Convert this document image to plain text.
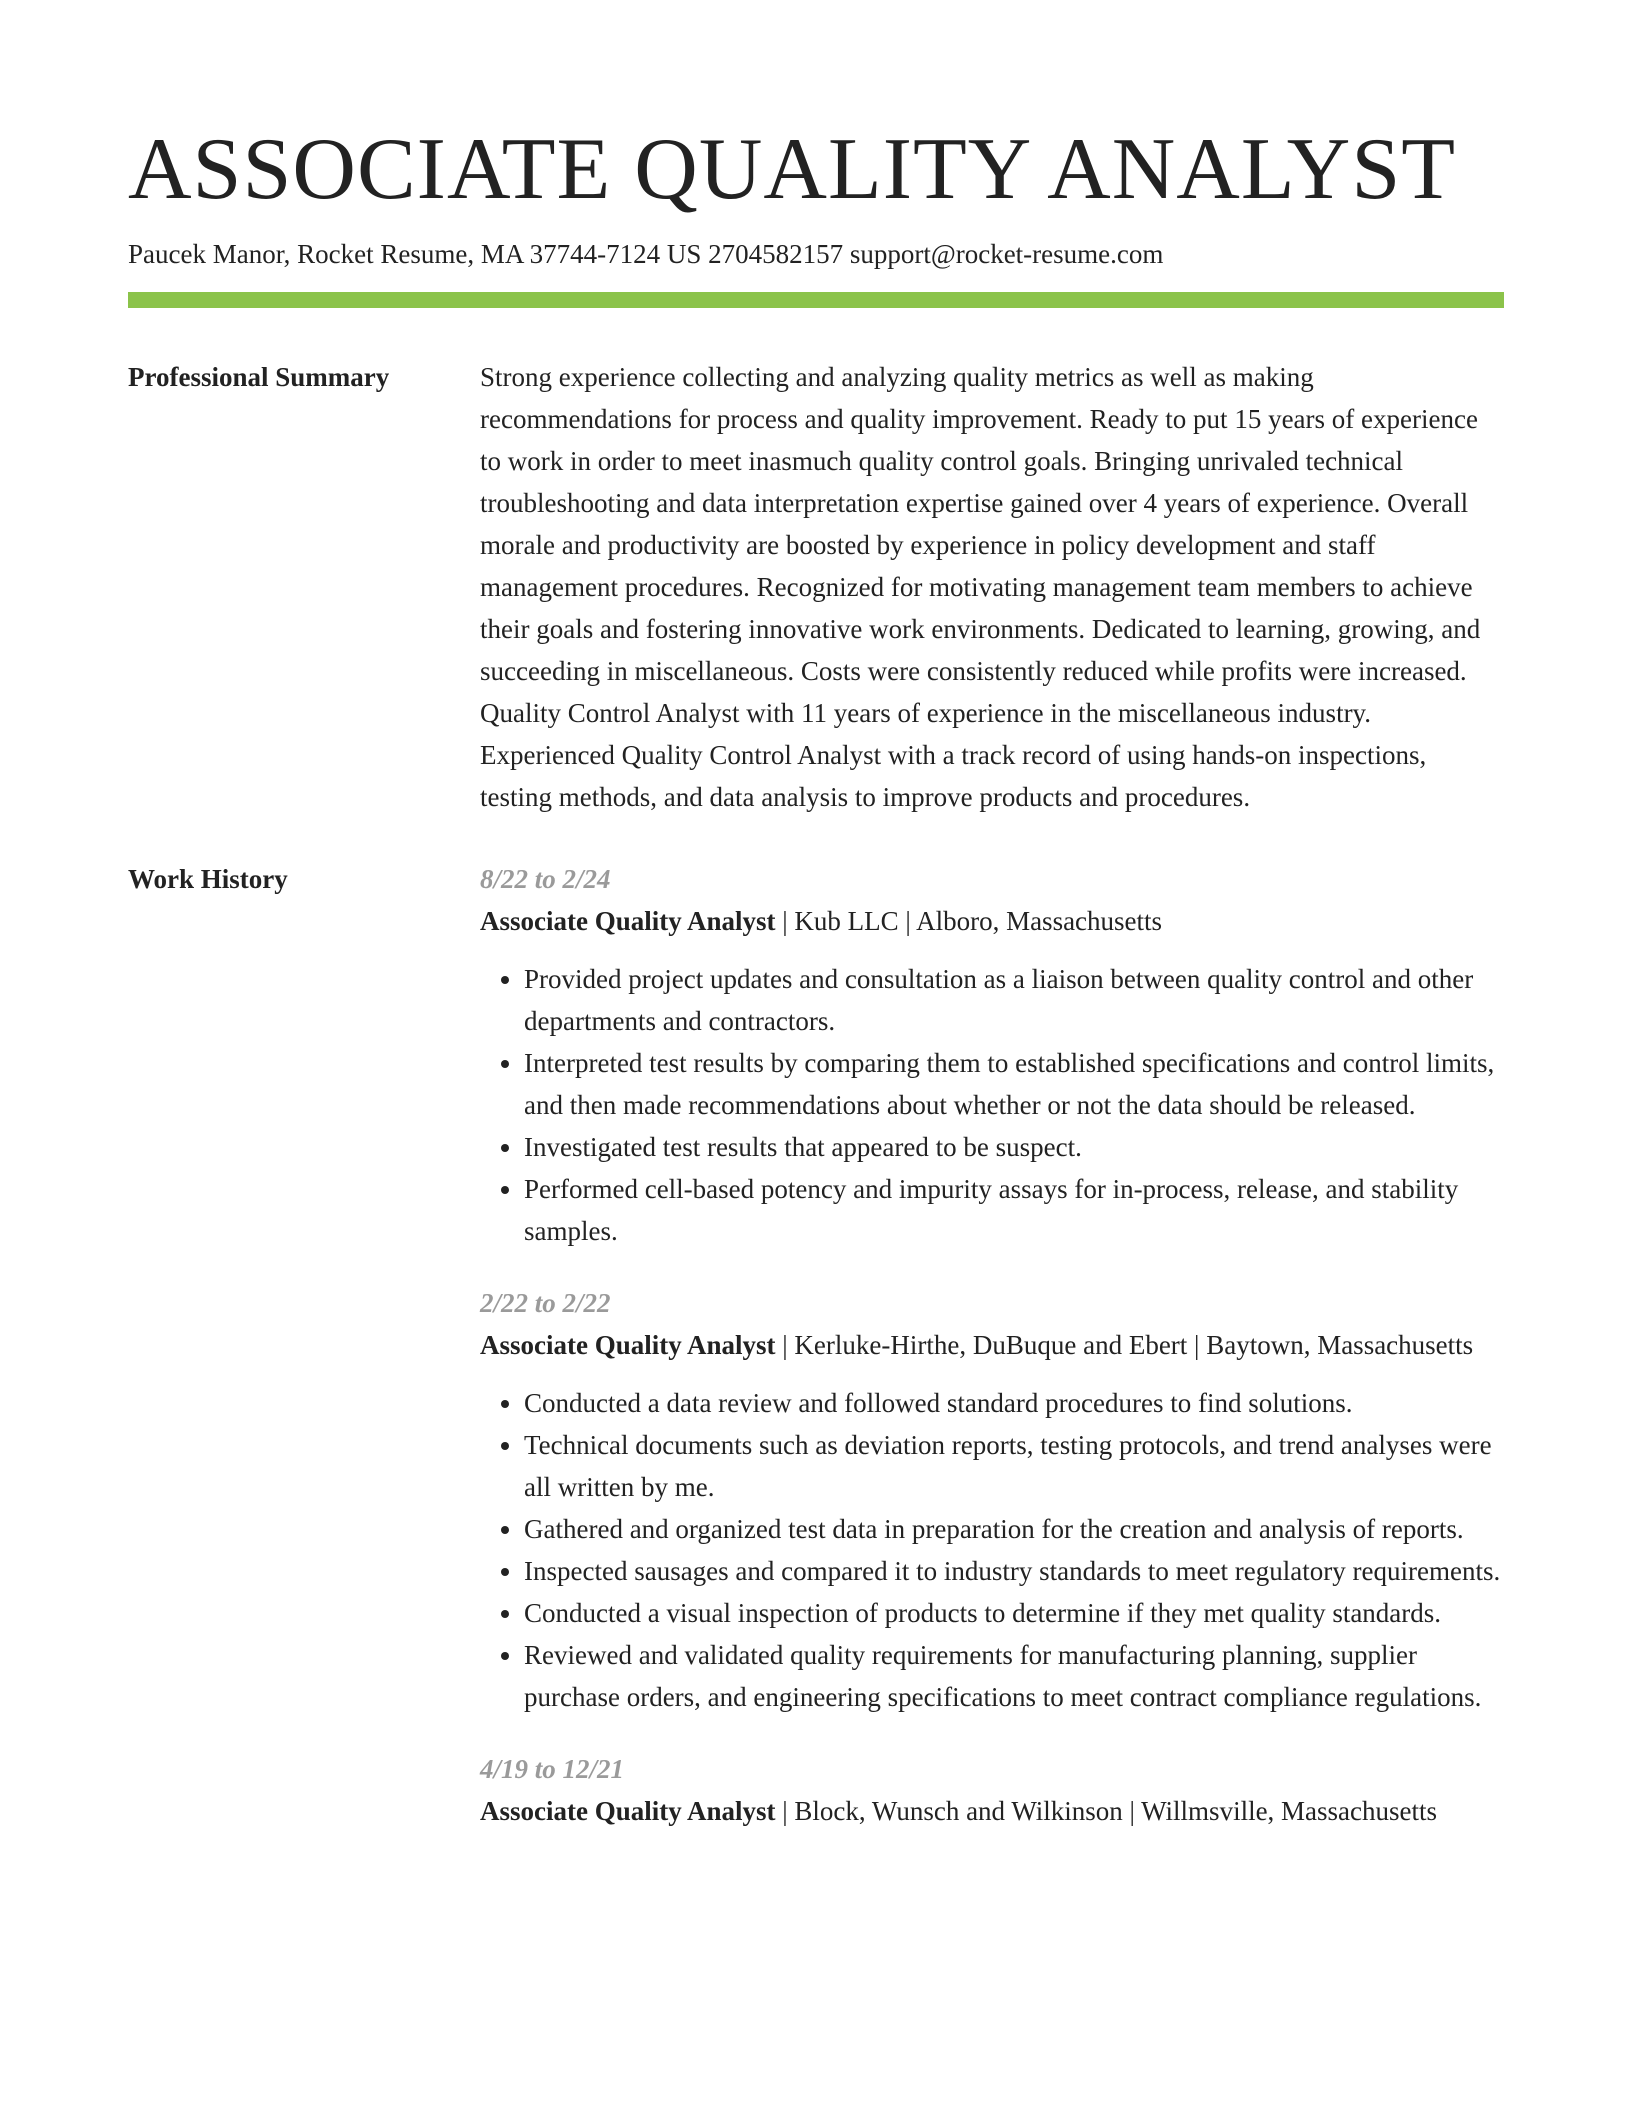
ASSOCIATE QUALITY ANALYST
Paucek Manor, Rocket Resume, MA 37744-7124 US 2704582157 support@rocket-resume.com
Professional Summary	Strong experience collecting and analyzing quality metrics as well as making recommendations for process and quality improvement. Ready to put 15 years of experience to work in order to meet inasmuch quality control goals. Bringing unrivaled technical troubleshooting and data interpretation expertise gained over 4 years of experience. Overall morale and productivity are boosted by experience in policy development and staff management procedures. Recognized for motivating management team members to achieve their goals and fostering innovative work environments. Dedicated to learning, growing, and succeeding in miscellaneous. Costs were consistently reduced while profits were increased. Quality Control Analyst with 11 years of experience in the miscellaneous industry. Experienced Quality Control Analyst with a track record of using hands-on inspections, testing methods, and data analysis to improve products and procedures.

Work History	8/22 to 2/24
Associate Quality Analyst | Kub LLC | Alboro, Massachusetts
• Provided project updates and consultation as a liaison between quality control and other departments and contractors.
• Interpreted test results by comparing them to established specifications and control limits, and then made recommendations about whether or not the data should be released.
• Investigated test results that appeared to be suspect.
• Performed cell-based potency and impurity assays for in-process, release, and stability samples.
2/22 to 2/22
Associate Quality Analyst | Kerluke-Hirthe, DuBuque and Ebert | Baytown, Massachusetts
• Conducted a data review and followed standard procedures to find solutions.
• Technical documents such as deviation reports, testing protocols, and trend analyses were all written by me.
• Gathered and organized test data in preparation for the creation and analysis of reports.
• Inspected sausages and compared it to industry standards to meet regulatory requirements.
• Conducted a visual inspection of products to determine if they met quality standards.
• Reviewed and validated quality requirements for manufacturing planning, supplier purchase orders, and engineering specifications to meet contract compliance regulations.
4/19 to 12/21
Associate Quality Analyst | Block, Wunsch and Wilkinson | Willmsville, Massachusetts
